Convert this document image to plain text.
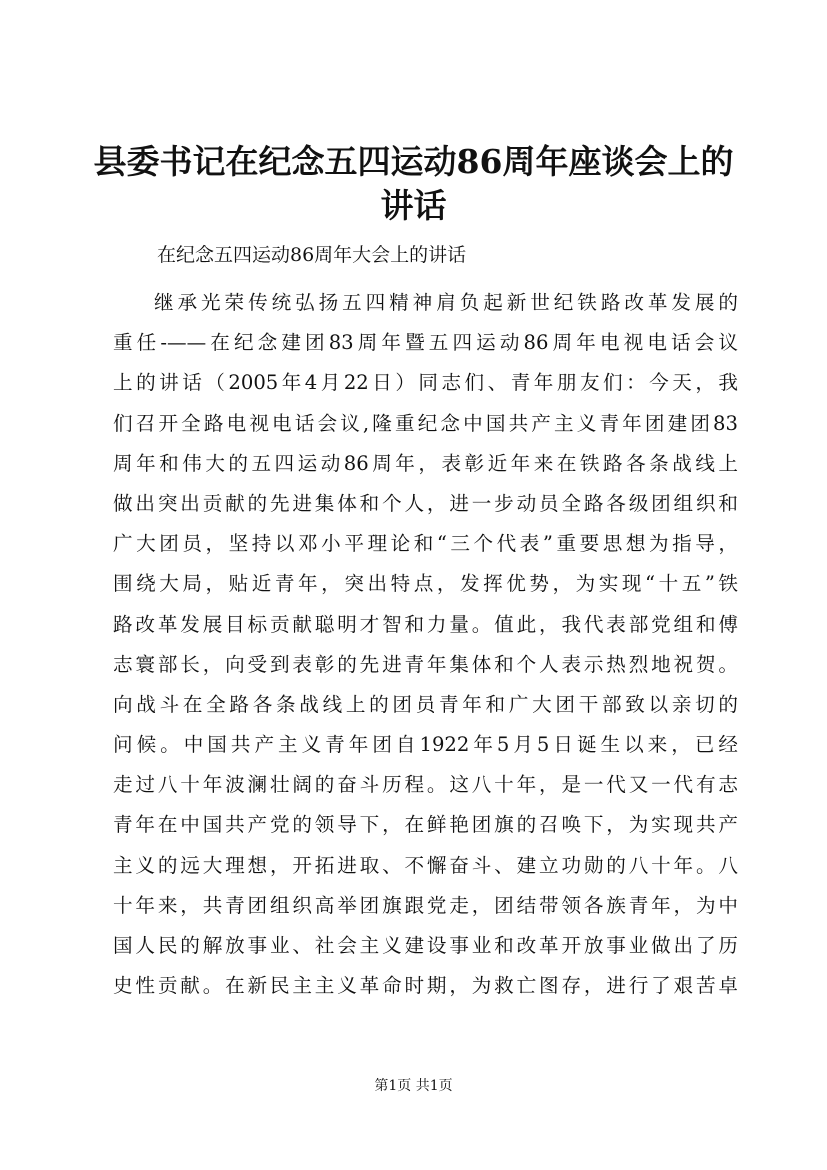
县委书记在纪念五四运动86周年座谈会上的
讲话

在纪念五四运动86周年大会上的讲话

继承光荣传统弘扬五四精神肩负起新世纪铁路改革发展的
重任-——在纪念建团83周年暨五四运动86周年电视电话会议
上的讲话（2005年4月22日）同志们、青年朋友们：今天，我
们召开全路电视电话会议,隆重纪念中国共产主义青年团建团83
周年和伟大的五四运动86周年，表彰近年来在铁路各条战线上
做出突出贡献的先进集体和个人，进一步动员全路各级团组织和
广大团员，坚持以邓小平理论和“三个代表”重要思想为指导，
围绕大局，贴近青年，突出特点，发挥优势，为实现“十五”铁
路改革发展目标贡献聪明才智和力量。值此，我代表部党组和傅
志寰部长，向受到表彰的先进青年集体和个人表示热烈地祝贺。
向战斗在全路各条战线上的团员青年和广大团干部致以亲切的
问候。中国共产主义青年团自1922年5月5日诞生以来，已经
走过八十年波澜壮阔的奋斗历程。这八十年，是一代又一代有志
青年在中国共产党的领导下，在鲜艳团旗的召唤下，为实现共产
主义的远大理想，开拓进取、不懈奋斗、建立功勋的八十年。八
十年来，共青团组织高举团旗跟党走，团结带领各族青年，为中
国人民的解放事业、社会主义建设事业和改革开放事业做出了历
史性贡献。在新民主主义革命时期，为救亡图存，进行了艰苦卓

第1页 共1页
